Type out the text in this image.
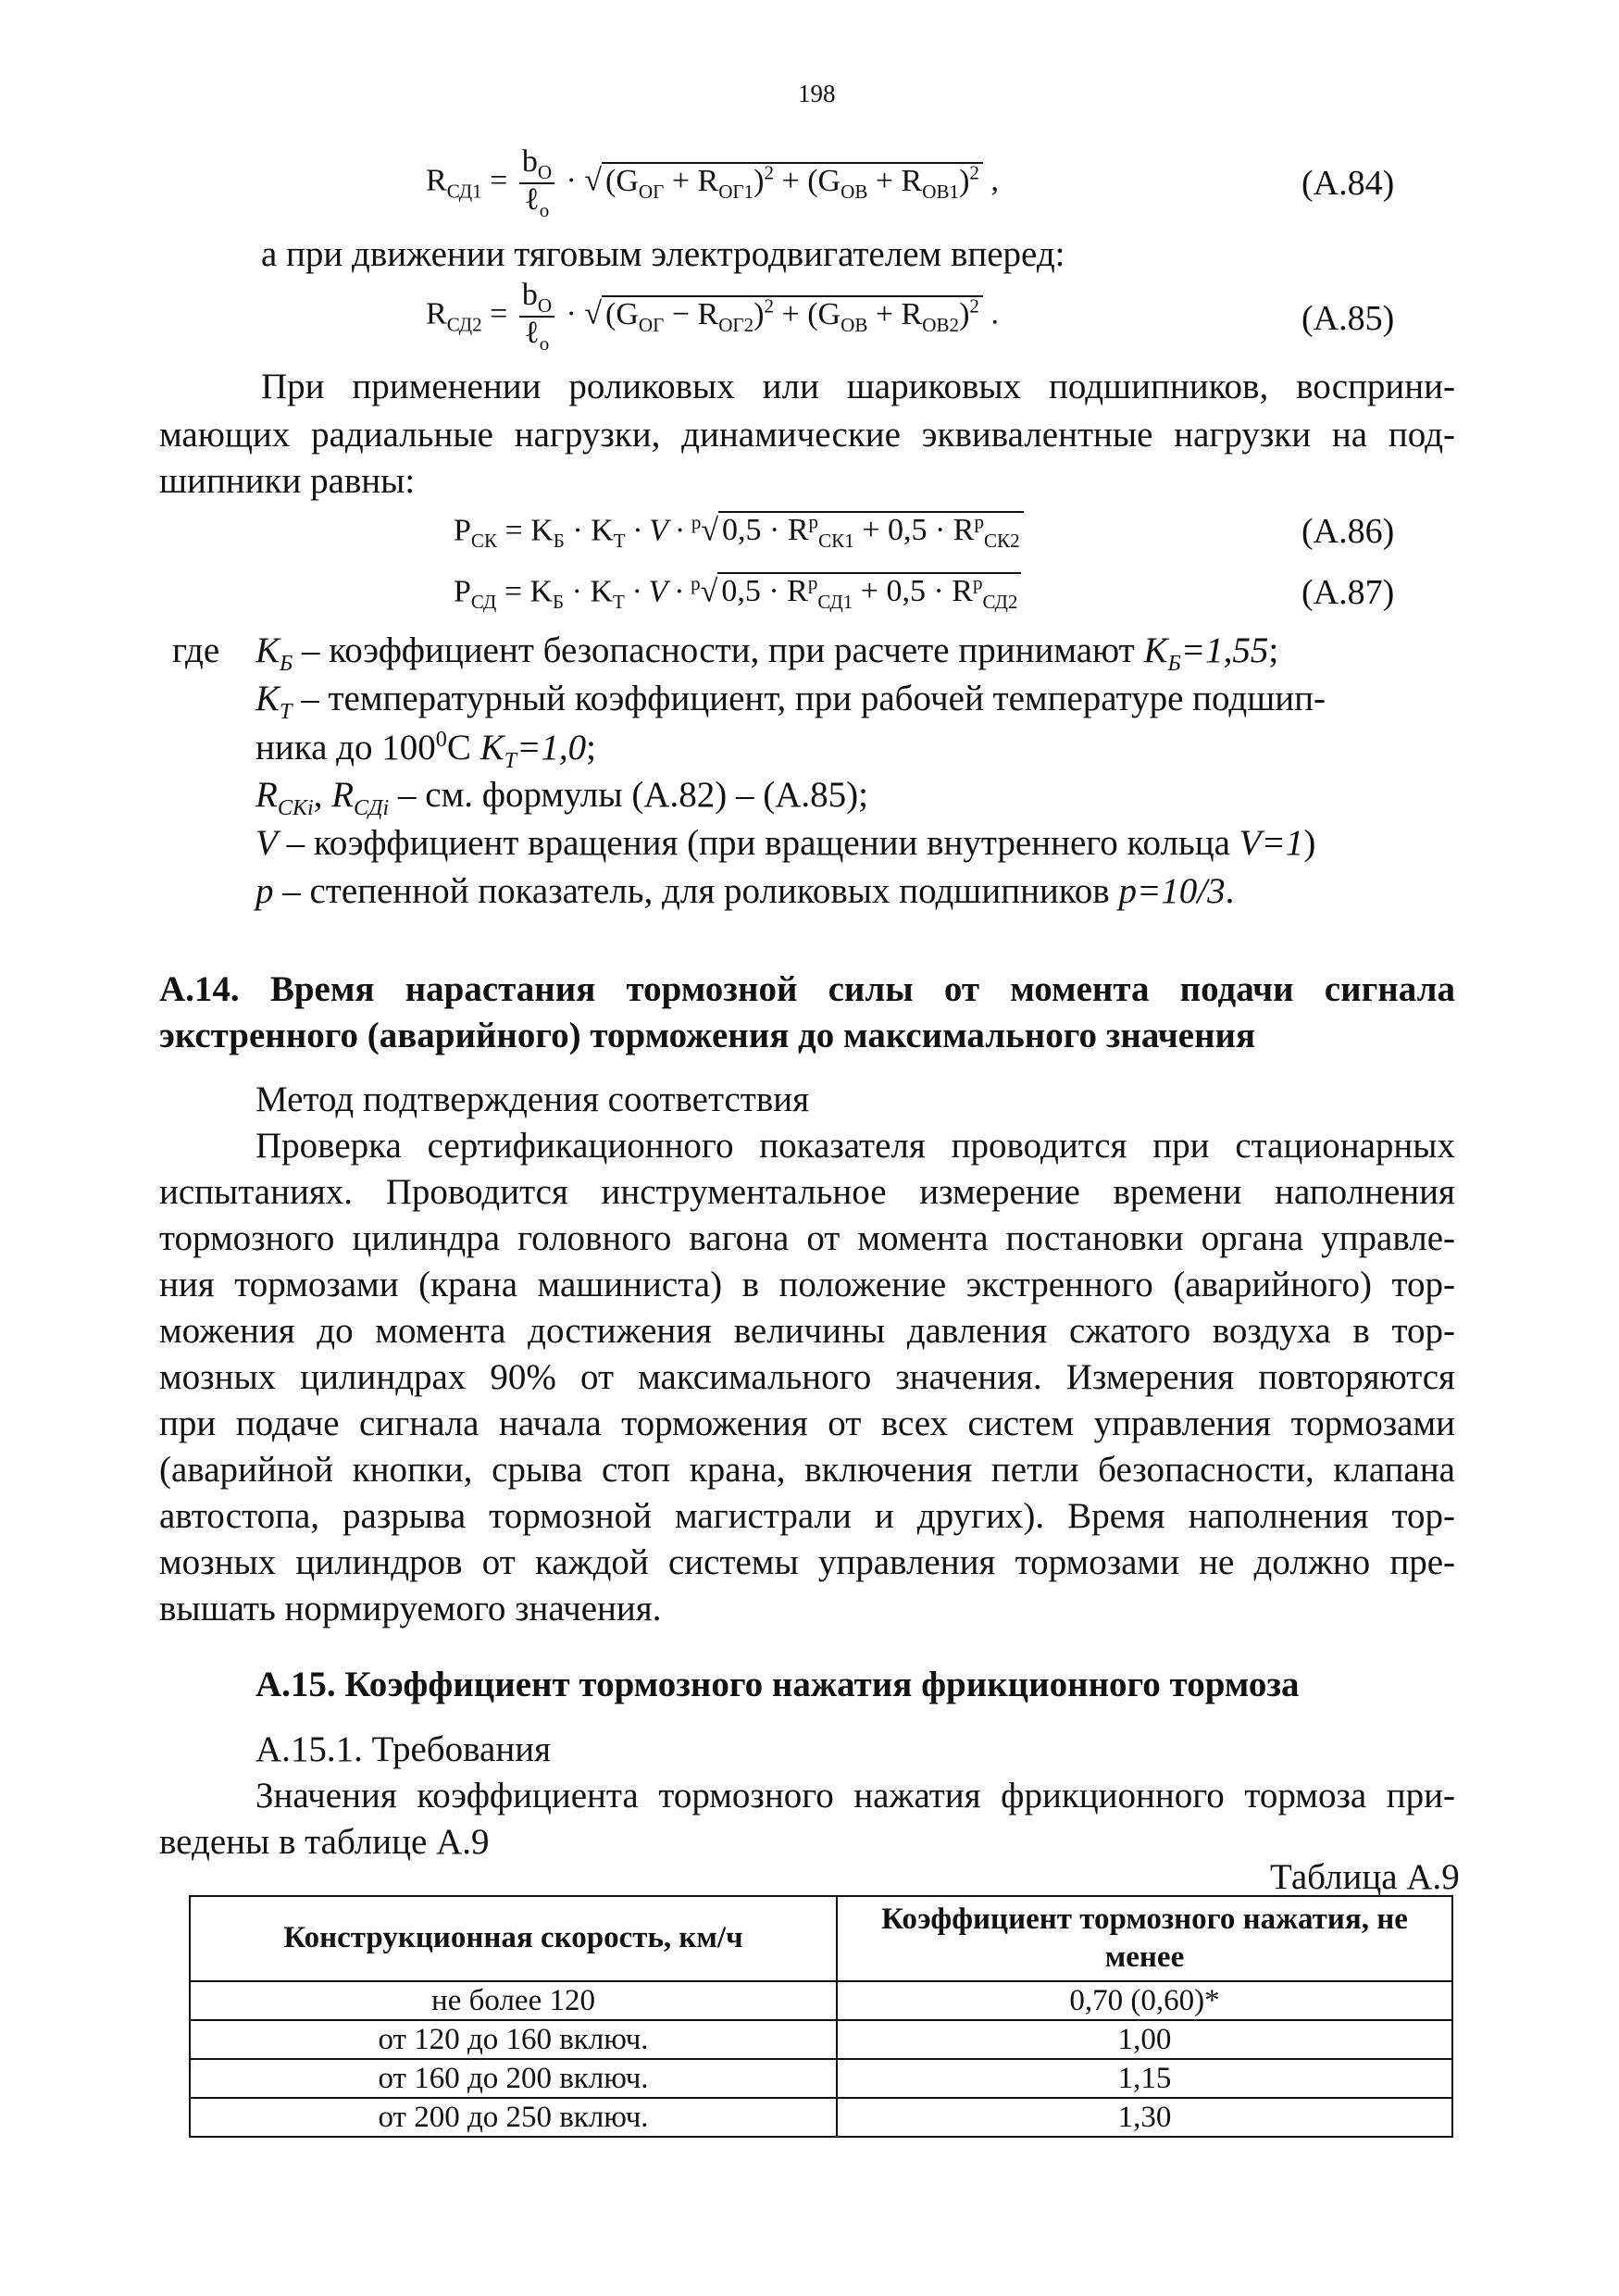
198
$R_{СД1} = \frac{b_O}{\ell_o}$ · √ $(G_{ОГ} + R_{ОГ1})^2 + (G_{ОВ} + R_{ОВ1})^2$ ,	(А.84)
а при движении тяговым электродвигателем вперед:
$R_{СД2} = \frac{b_O}{\ell_o}$ · √ $(G_{ОГ} - R_{ОГ2})^2 + (G_{ОВ} + R_{ОВ2})^2$ .	(А.85)
При применении роликовых или шариковых подшипников, восприни-
мающих радиальные нагрузки, динамические эквивалентные нагрузки на под-
шипники равны:
$P_{СК} = K_Б \cdot K_Т \cdot V \cdot ^p√$ $0,5 \cdot R^p_{СК1} + 0,5 \cdot R^p_{СК2}$	(А.86)
$P_{СД} = K_Б \cdot K_Т \cdot V \cdot ^p√$ $0,5 \cdot R^p_{СД1} + 0,5 \cdot R^p_{СД2}$	(А.87)
где $K_Б$ – коэффициент безопасности, при расчете принимают $K_Б=1,55$;
$K_Т$ – температурный коэффициент, при рабочей температуре подшип-
ника до $100^0С$ $K_Т=1,0$;
$R_{СКi}$, $R_{СДi}$ – см. формулы (А.82) – (А.85);
V – коэффициент вращения (при вращении внутреннего кольца V=1)
p – степенной показатель, для роликовых подшипников p=10/3.
А.14. Время нарастания тормозной силы от момента подачи сигнала
экстренного (аварийного) торможения до максимального значения
Метод подтверждения соответствия
Проверка сертификационного показателя проводится при стационарных
испытаниях. Проводится инструментальное измерение времени наполнения
тормозного цилиндра головного вагона от момента постановки органа управле-
ния тормозами (крана машиниста) в положение экстренного (аварийного) тор-
можения до момента достижения величины давления сжатого воздуха в тор-
мозных цилиндрах 90% от максимального значения. Измерения повторяются
при подаче сигнала начала торможения от всех систем управления тормозами
(аварийной кнопки, срыва стоп крана, включения петли безопасности, клапана
автостопа, разрыва тормозной магистрали и других). Время наполнения тор-
мозных цилиндров от каждой системы управления тормозами не должно пре-
вышать нормируемого значения.
А.15. Коэффициент тормозного нажатия фрикционного тормоза
А.15.1. Требования
Значения коэффициента тормозного нажатия фрикционного тормоза при-
ведены в таблице А.9
Таблица А.9
Конструкционная скорость, км/ч	Коэффициент тормозного нажатия, не менее
не более 120	0,70 (0,60)*
от 120 до 160 включ.	1,00
от 160 до 200 включ.	1,15
от 200 до 250 включ.	1,30
